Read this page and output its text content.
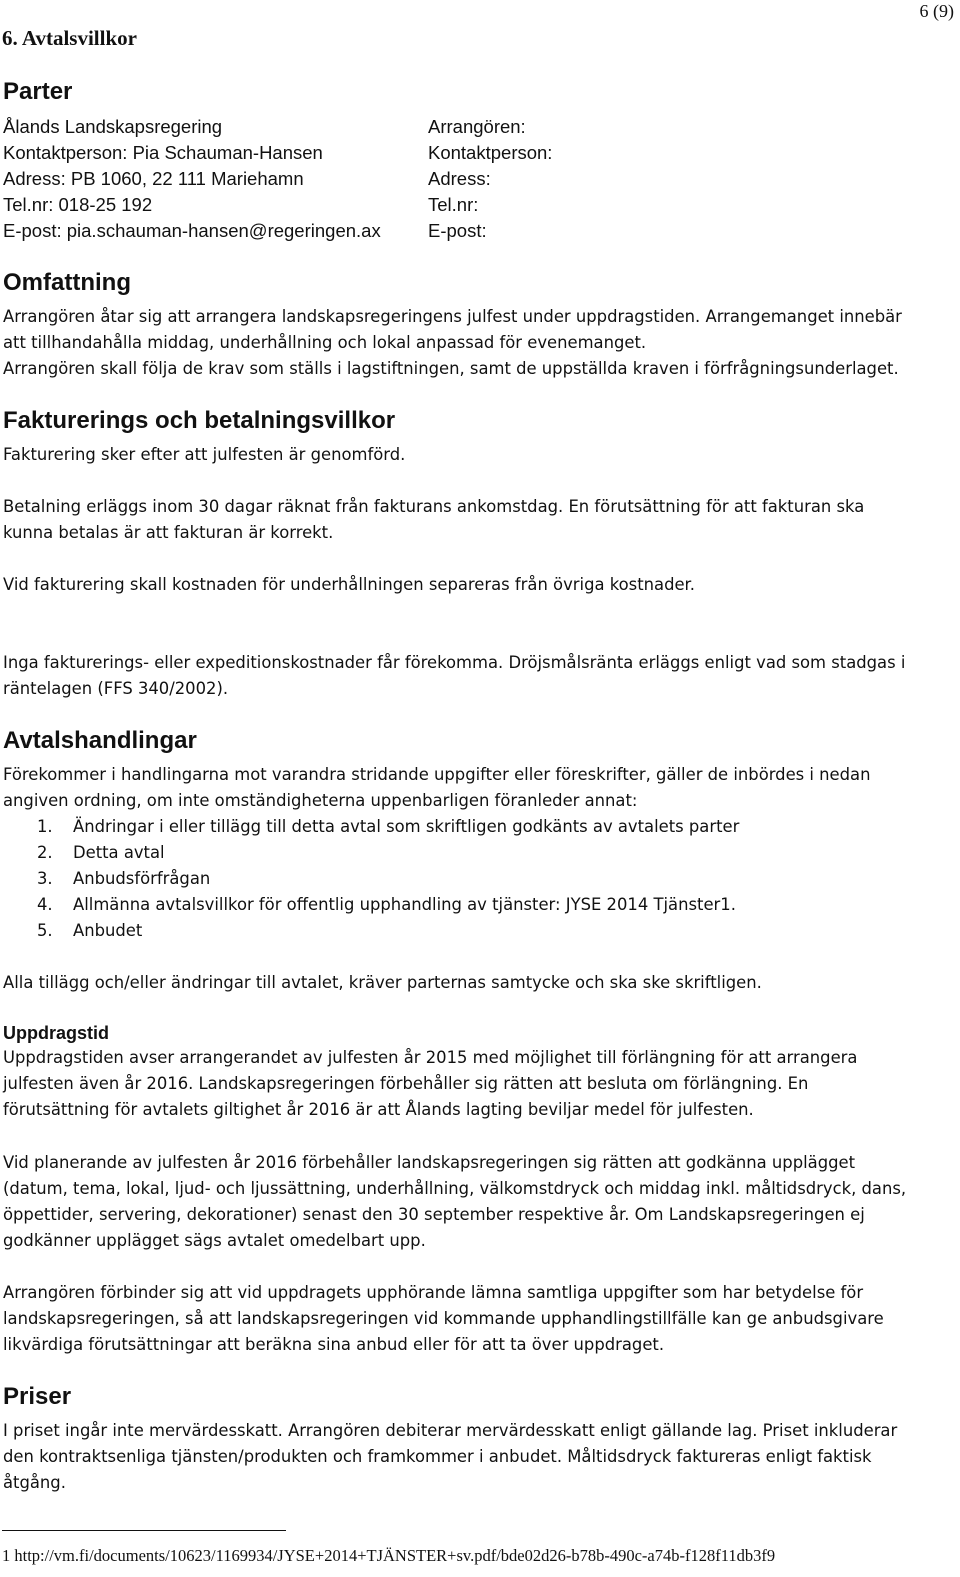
6. Avtalsvillkor
6 (9)
Parter
Ålands Landskapsregering
Kontaktperson: Pia Schauman-Hansen
Adress: PB 1060, 22 111 Mariehamn
Tel.nr: 018-25 192
E-post: pia.schauman-hansen@regeringen.ax
Arrangören:
Kontaktperson:
Adress:
Tel.nr:
E-post:
Omfattning
Arrangören åtar sig att arrangera landskapsregeringens julfest under uppdragstiden. Arrangemanget innebär
att tillhandahålla middag, underhållning och lokal anpassad för evenemanget.
Arrangören skall följa de krav som ställs i lagstiftningen, samt de uppställda kraven i förfrågningsunderlaget.
Fakturerings och betalningsvillkor
Fakturering sker efter att julfesten är genomförd.
Betalning erläggs inom 30 dagar räknat från fakturans ankomstdag. En förutsättning för att fakturan ska
kunna betalas är att fakturan är korrekt.
Vid fakturering skall kostnaden för underhållningen separeras från övriga kostnader.
Inga fakturerings- eller expeditionskostnader får förekomma. Dröjsmålsränta erläggs enligt vad som stadgas i
räntelagen (FFS 340/2002).
Avtalshandlingar
Förekommer i handlingarna mot varandra stridande uppgifter eller föreskrifter, gäller de inbördes i nedan
angiven ordning, om inte omständigheterna uppenbarligen föranleder annat:
1. Ändringar i eller tillägg till detta avtal som skriftligen godkänts av avtalets parter
2. Detta avtal
3. Anbudsförfrågan
4. Allmänna avtalsvillkor för offentlig upphandling av tjänster: JYSE 2014 Tjänster1.
5. Anbudet
Alla tillägg och/eller ändringar till avtalet, kräver parternas samtycke och ska ske skriftligen.
Uppdragstid
Uppdragstiden avser arrangerandet av julfesten år 2015 med möjlighet till förlängning för att arrangera
julfesten även år 2016. Landskapsregeringen förbehåller sig rätten att besluta om förlängning. En
förutsättning för avtalets giltighet år 2016 är att Ålands lagting beviljar medel för julfesten.
Vid planerande av julfesten år 2016 förbehåller landskapsregeringen sig rätten att godkänna upplägget
(datum, tema, lokal, ljud- och ljussättning, underhållning, välkomstdryck och middag inkl. måltidsdryck, dans,
öppettider, servering, dekorationer) senast den 30 september respektive år. Om Landskapsregeringen ej
godkänner upplägget sägs avtalet omedelbart upp.
Arrangören förbinder sig att vid uppdragets upphörande lämna samtliga uppgifter som har betydelse för
landskapsregeringen, så att landskapsregeringen vid kommande upphandlingstillfälle kan ge anbudsgivare
likvärdiga förutsättningar att beräkna sina anbud eller för att ta över uppdraget.
Priser
I priset ingår inte mervärdesskatt. Arrangören debiterar mervärdesskatt enligt gällande lag. Priset inkluderar
den kontraktsenliga tjänsten/produkten och framkommer i anbudet. Måltidsdryck faktureras enligt faktisk
åtgång.
1 http://vm.fi/documents/10623/1169934/JYSE+2014+TJÄNSTER+sv.pdf/bde02d26-b78b-490c-a74b-f128f11db3f9
